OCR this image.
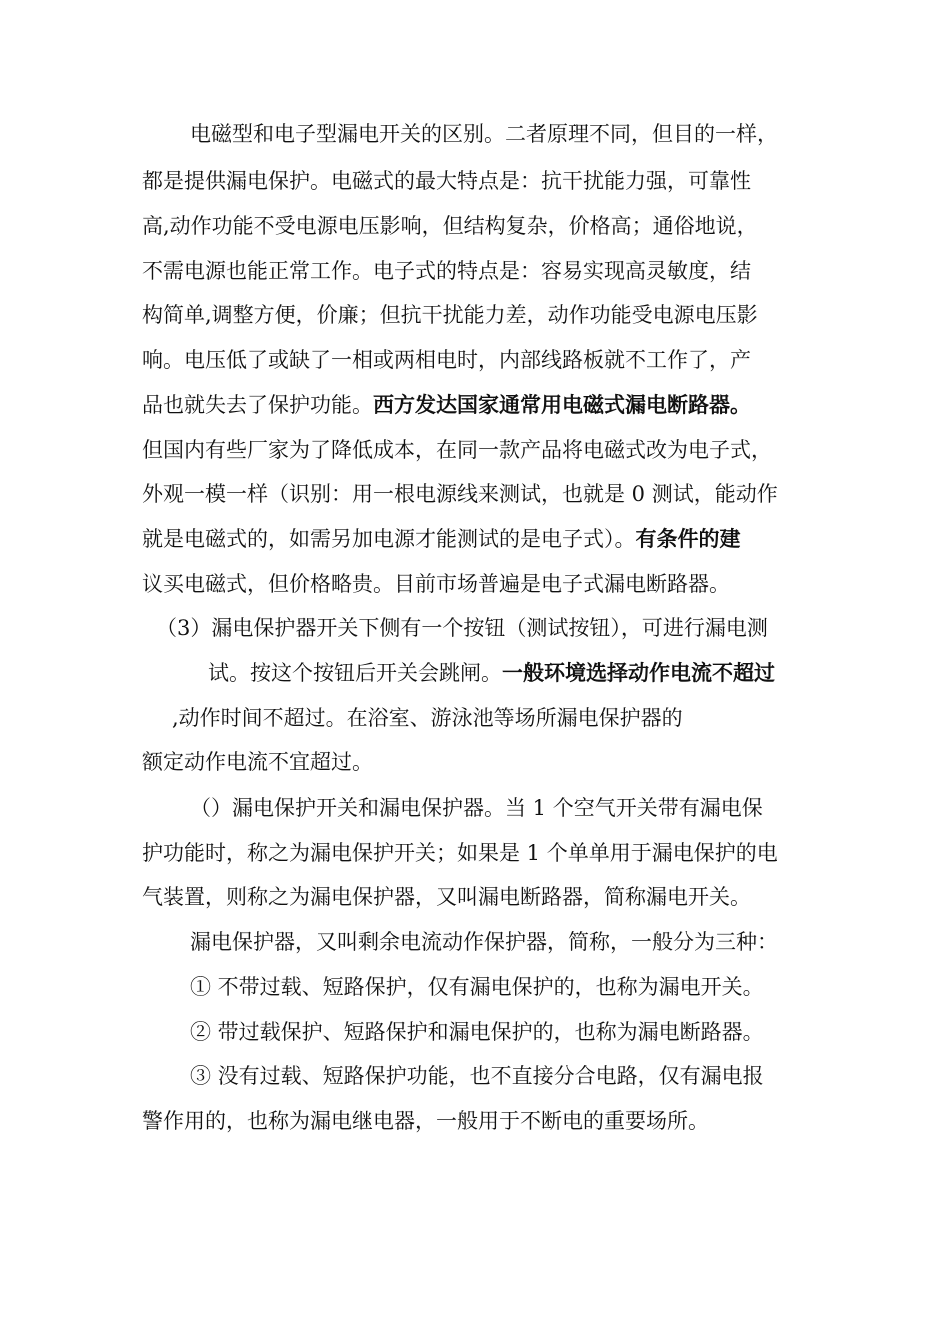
电磁型和电子型漏电开关的区别。二者原理不同，但目的一样，
都是提供漏电保护。电磁式的最大特点是：抗干扰能力强，可靠性
高,动作功能不受电源电压影响，但结构复杂，价格高；通俗地说，
不需电源也能正常工作。电子式的特点是：容易实现高灵敏度，结
构简单,调整方便，价廉；但抗干扰能力差，动作功能受电源电压影
响。电压低了或缺了一相或两相电时，内部线路板就不工作了，产
品也就失去了保护功能。西方发达国家通常用电磁式漏电断路器。
但国内有些厂家为了降低成本，在同一款产品将电磁式改为电子式，
外观一模一样（识别：用一根电源线来测试，也就是 0 测试，能动作
就是电磁式的，如需另加电源才能测试的是电子式）。有条件的建
议买电磁式，但价格略贵。目前市场普遍是电子式漏电断路器。
（3）漏电保护器开关下侧有一个按钮（测试按钮），可进行漏电测
试。按这个按钮后开关会跳闸。一般环境选择动作电流不超过
,动作时间不超过。在浴室、游泳池等场所漏电保护器的
额定动作电流不宜超过。
（）漏电保护开关和漏电保护器。当 1 个空气开关带有漏电保
护功能时，称之为漏电保护开关；如果是 1 个单单用于漏电保护的电
气装置，则称之为漏电保护器，又叫漏电断路器，简称漏电开关。
漏电保护器，又叫剩余电流动作保护器，简称，一般分为三种：
① 不带过载、短路保护，仅有漏电保护的，也称为漏电开关。
② 带过载保护、短路保护和漏电保护的，也称为漏电断路器。
③ 没有过载、短路保护功能，也不直接分合电路，仅有漏电报
警作用的，也称为漏电继电器，一般用于不断电的重要场所。
